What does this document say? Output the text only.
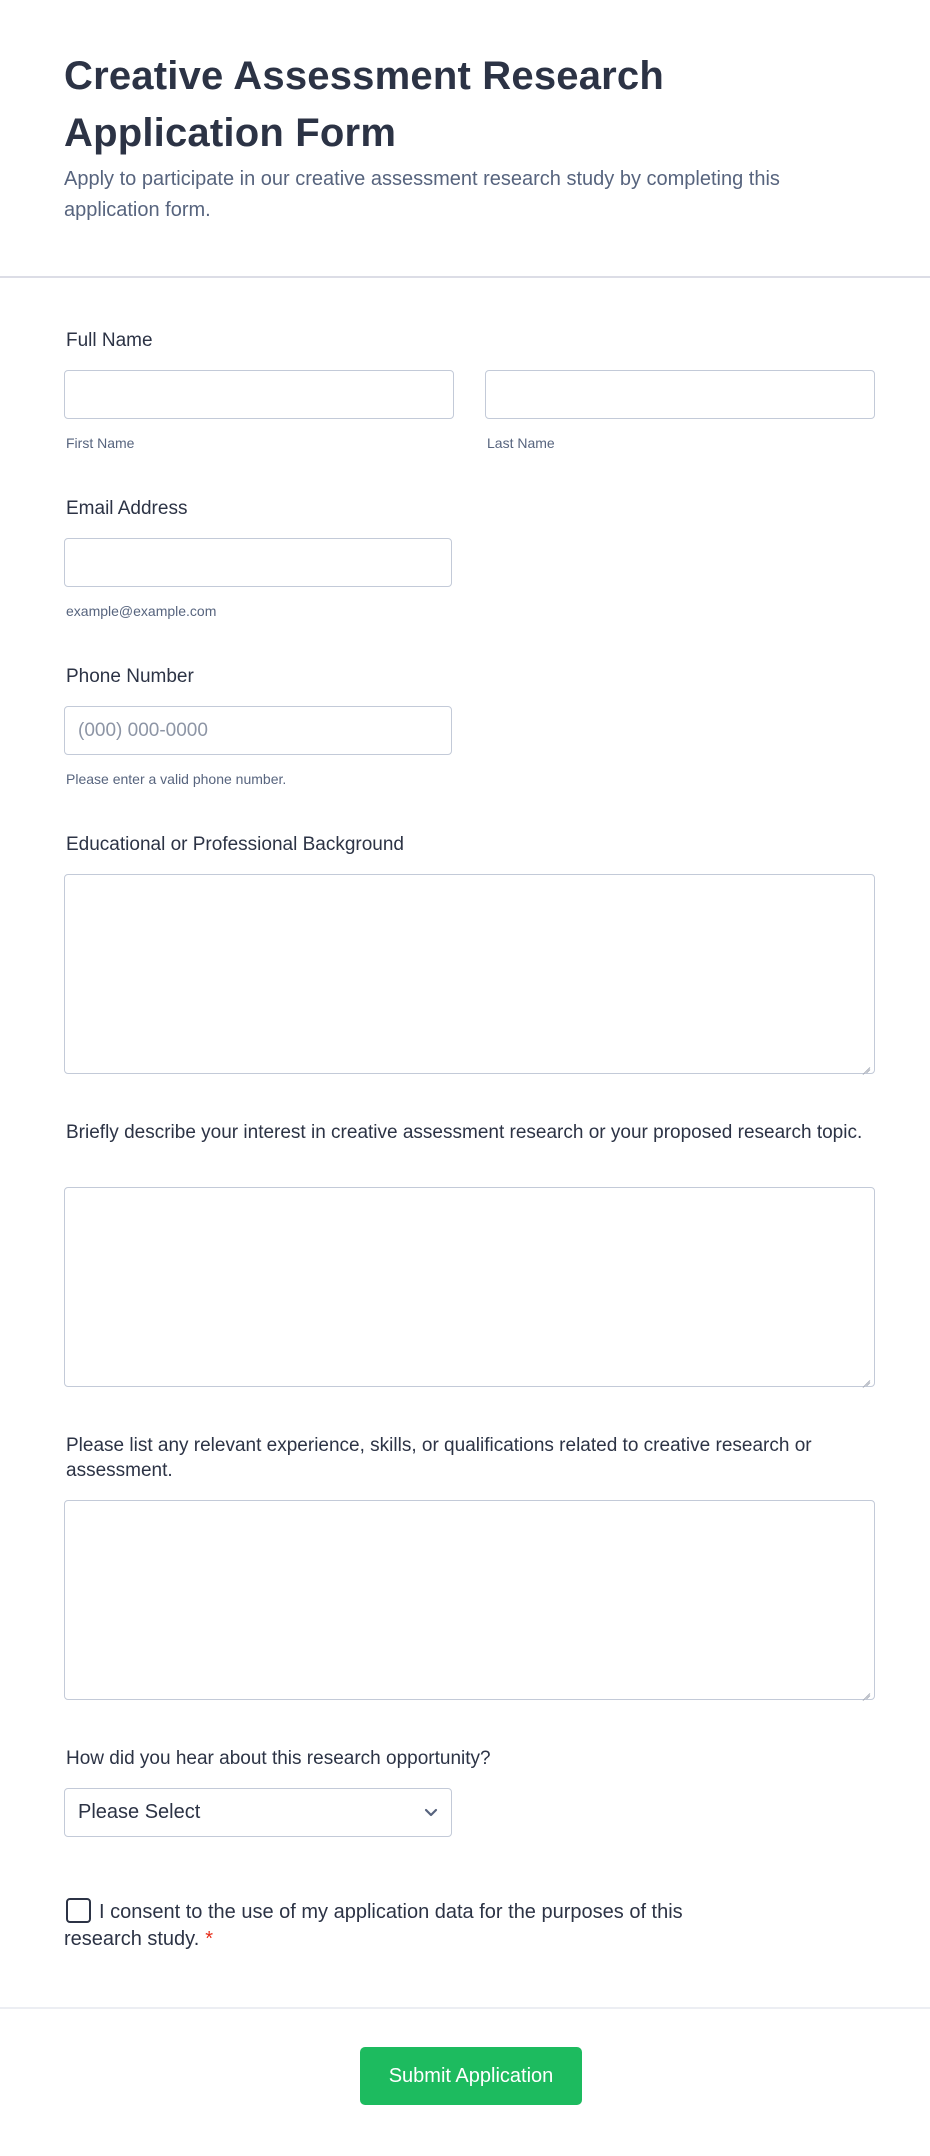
Creative Assessment Research Application Form

Apply to participate in our creative assessment research study by completing this application form.

Full Name
First Name	Last Name
Email Address
example@example.com
Phone Number
(000) 000-0000
Please enter a valid phone number.
Educational or Professional Background
Briefly describe your interest in creative assessment research or your proposed research topic.
Please list any relevant experience, skills, or qualifications related to creative research or assessment.
How did you hear about this research opportunity?
Please Select
I consent to the use of my application data for the purposes of this research study. *
Submit Application
